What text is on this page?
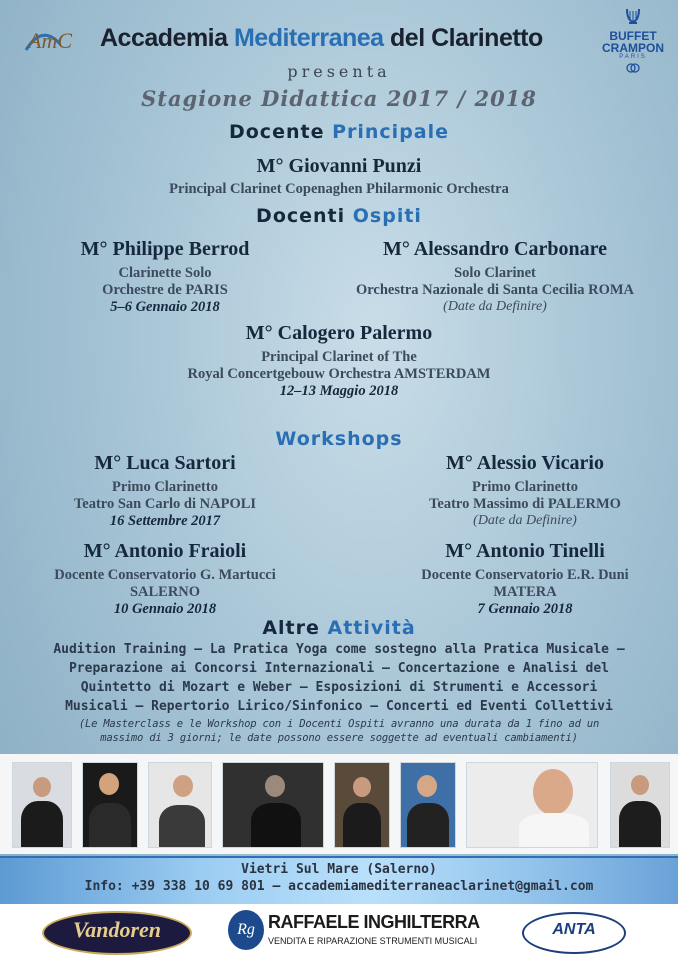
AmC Accademia Mediterranea del Clarinetto	BUFFET
CRAMPON
PARIS
presenta
Stagione Didattica 2017 / 2018
Docente Principale
M° Giovanni Punzi
Principal Clarinet Copenaghen Philarmonic Orchestra
Docenti Ospiti
M° Philippe Berrod
Clarinette Solo
Orchestre de PARIS
5–6 Gennaio 2018
M° Alessandro Carbonare
Solo Clarinet
Orchestra Nazionale di Santa Cecilia ROMA
(Date da Definire)
M° Calogero Palermo
Principal Clarinet of The
Royal Concertgebouw Orchestra AMSTERDAM
12–13 Maggio 2018
Workshops
M° Luca Sartori
Primo Clarinetto
Teatro San Carlo di NAPOLI
16 Settembre 2017
M° Alessio Vicario
Primo Clarinetto
Teatro Massimo di PALERMO
(Date da Definire)
M° Antonio Fraioli
Docente Conservatorio G. Martucci
SALERNO
10 Gennaio 2018
M° Antonio Tinelli
Docente Conservatorio E.R. Duni
MATERA
7 Gennaio 2018
Altre Attività
Audition Training – La Pratica Yoga come sostegno alla Pratica Musicale –
Preparazione ai Concorsi Internazionali – Concertazione e Analisi del
Quintetto di Mozart e Weber – Esposizioni di Strumenti e Accessori
Musicali – Repertorio Lirico/Sinfonico – Concerti ed Eventi Collettivi
(Le Masterclass e le Workshop con i Docenti Ospiti avranno una durata da 1 fino ad un
massimo di 3 giorni; le date possono essere soggette ad eventuali cambiamenti)
Vietri Sul Mare (Salerno)
Info: +39 338 10 69 801 – accademiamediterraneaclarinet@gmail.com
Vandoren	Rg RAFFAELE INGHILTERRA
VENDITA E RIPARAZIONE STRUMENTI MUSICALI
ANTA
